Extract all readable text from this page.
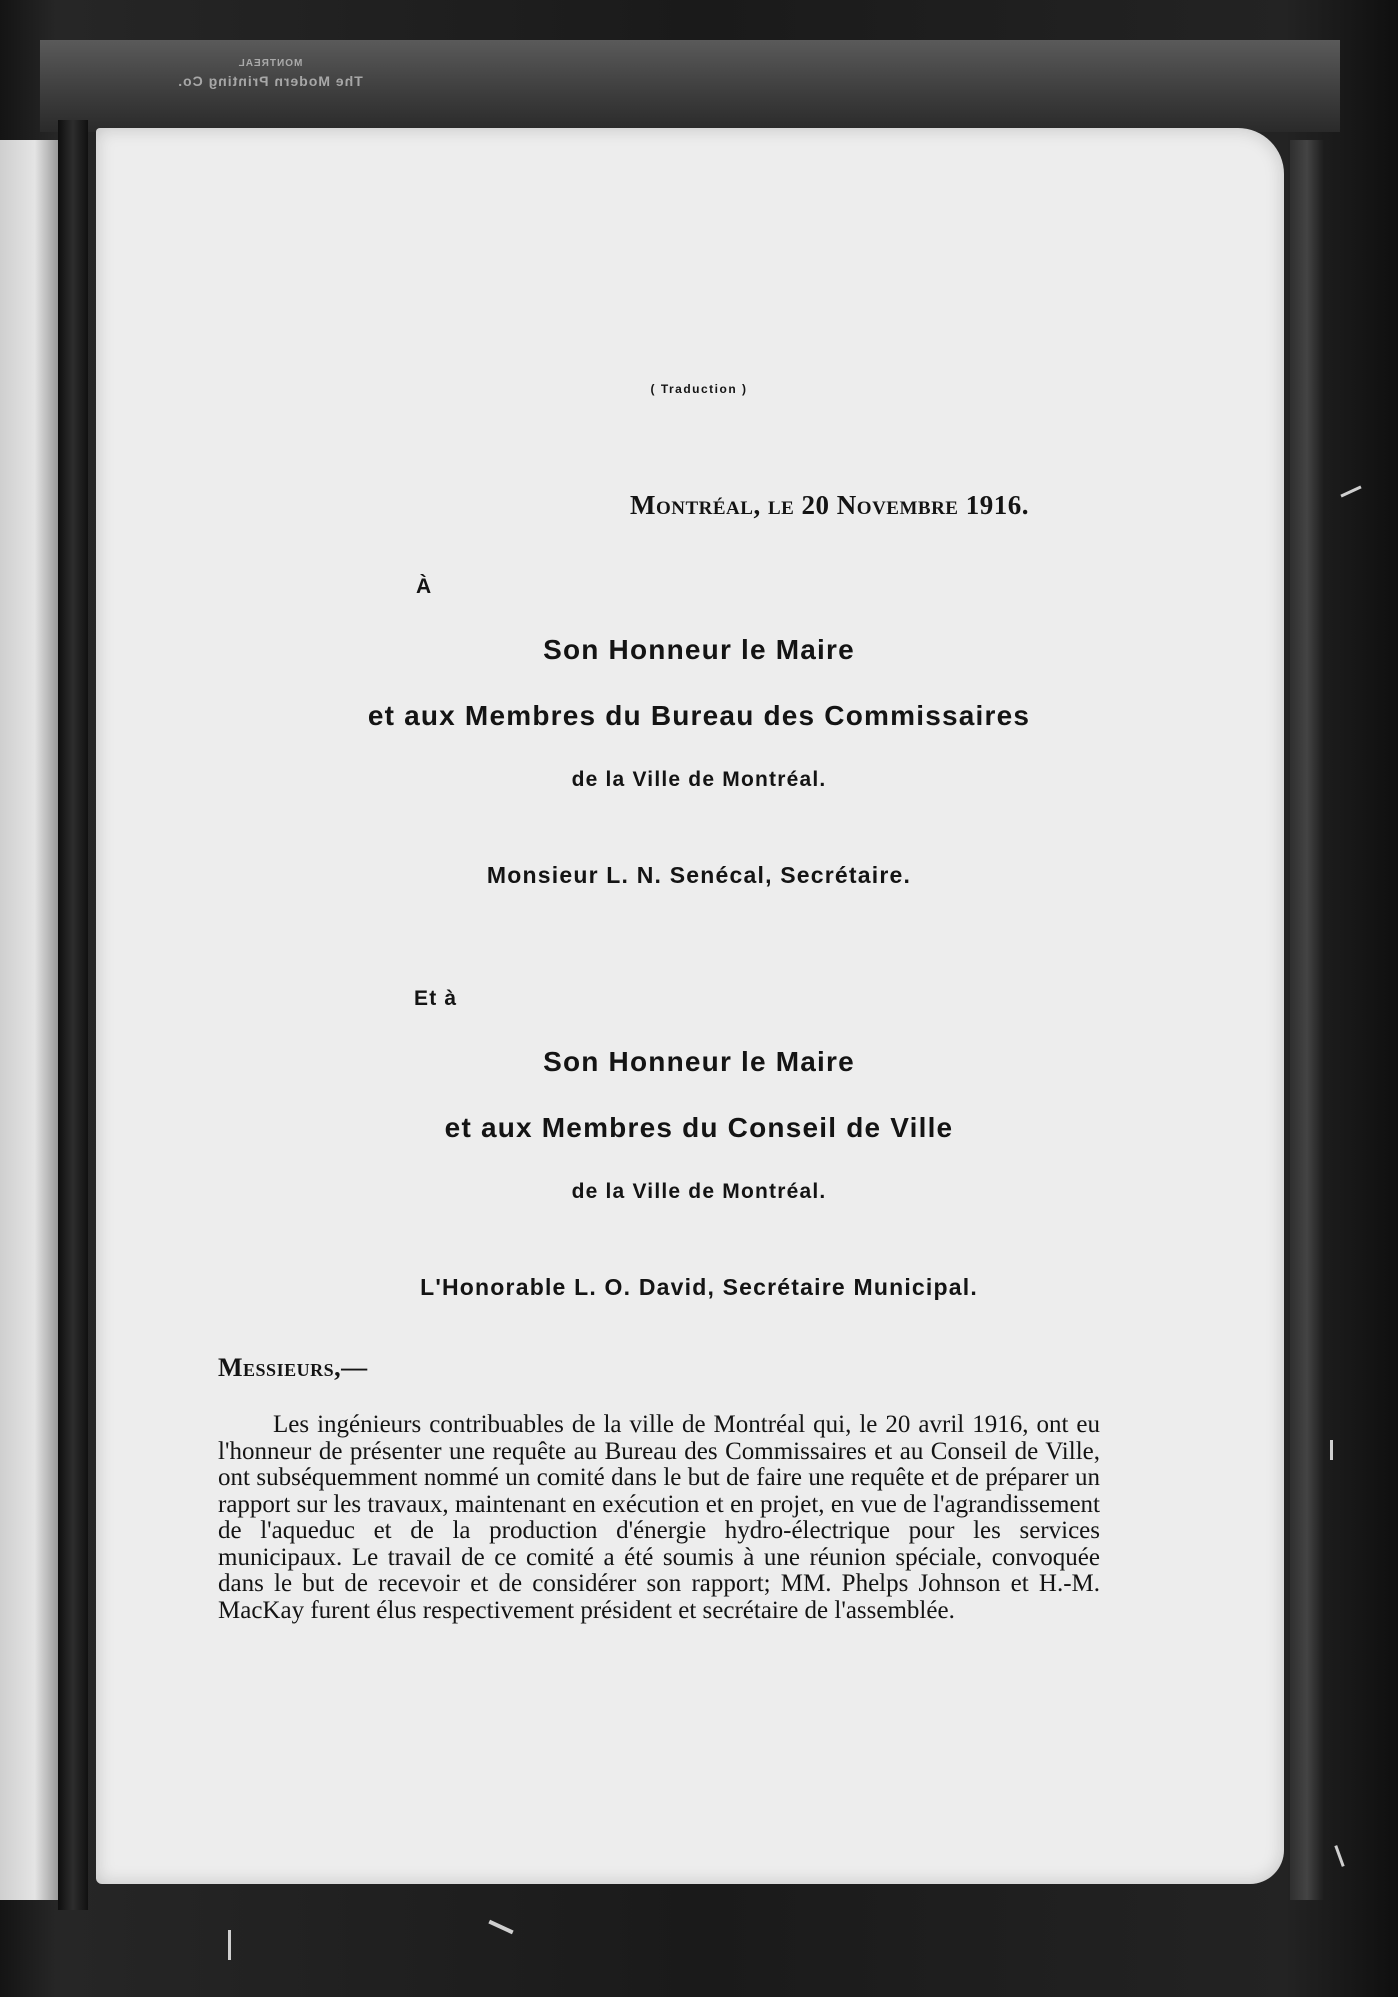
MONTREAL
The Modern Printing Co.
( Traduction )
Montréal, le 20 Novembre 1916.
À
Son Honneur le Maire
et aux Membres du Bureau des Commissaires
de la Ville de Montréal.
Monsieur L. N. Senécal, Secrétaire.
Et à
Son Honneur le Maire
et aux Membres du Conseil de Ville
de la Ville de Montréal.
L'Honorable L. O. David, Secrétaire Municipal.
Messieurs,—
Les ingénieurs contribuables de la ville de Montréal qui, le 20 avril 1916, ont eu l'honneur de présenter une requête au Bureau des Commissaires et au Conseil de Ville, ont subséquemment nommé un comité dans le but de faire une requête et de préparer un rapport sur les travaux, maintenant en exécution et en projet, en vue de l'agrandissement de l'aqueduc et de la production d'énergie hydro-électrique pour les services municipaux. Le travail de ce comité a été soumis à une réunion spéciale, convoquée dans le but de recevoir et de considérer son rapport; MM. Phelps Johnson et H.-M. MacKay furent élus respectivement président et secrétaire de l'assemblée.
